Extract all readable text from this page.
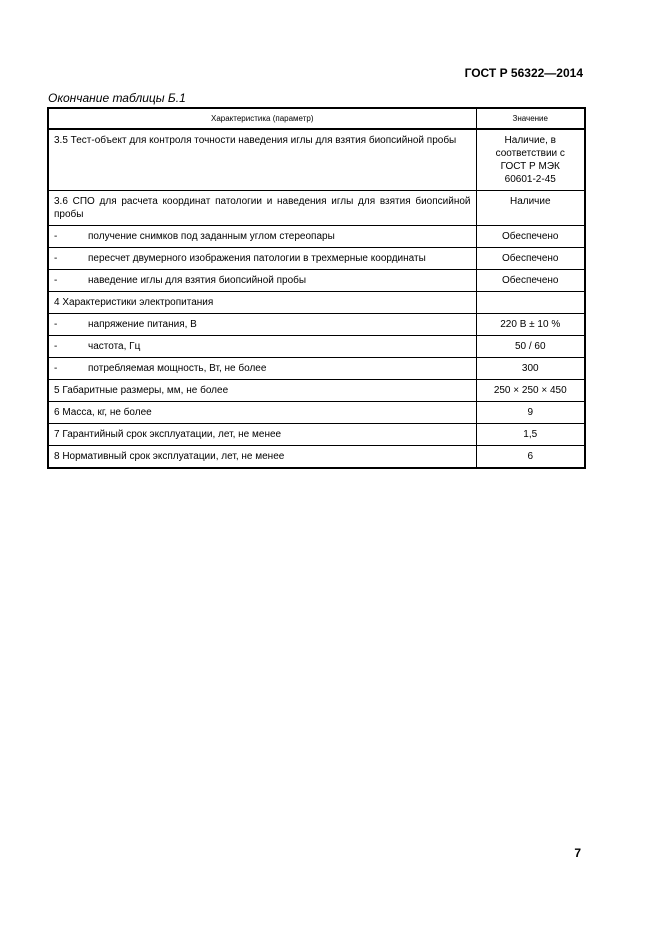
ГОСТ Р 56322—2014
Окончание таблицы Б.1
Характеристика (параметр)	Значение
3.5 Тест-объект для контроля точности наведения иглы для взятия биопсийной пробы	Наличие, в соответствии с ГОСТ Р МЭК 60601-2-45
3.6 СПО для расчета координат патологии и наведения иглы для взятия биопсийной пробы	Наличие
- получение снимков под заданным углом стереопары	Обеспечено
- пересчет двумерного изображения патологии в трехмерные координаты	Обеспечено
- наведение иглы для взятия биопсийной пробы	Обеспечено
4 Характеристики электропитания	
- напряжение питания, В	220 В ± 10 %
- частота, Гц	50 / 60
- потребляемая мощность, Вт, не более	300
5 Габаритные размеры, мм, не более	250 × 250 × 450
6 Масса, кг, не более	9
7 Гарантийный срок эксплуатации, лет, не менее	1,5
8 Нормативный срок эксплуатации, лет, не менее	6
7
